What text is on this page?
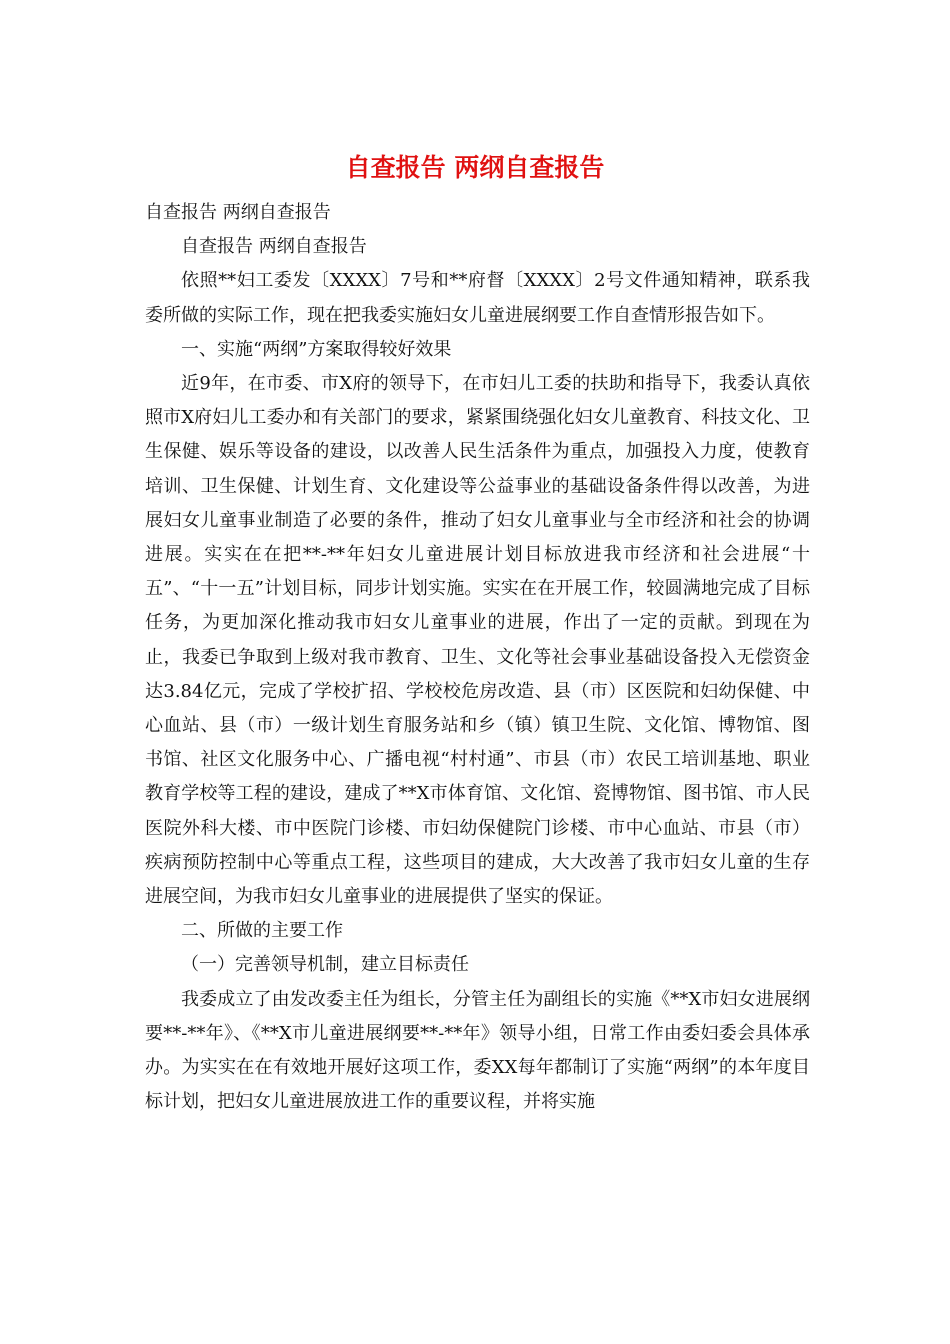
自查报告 两纲自查报告

自查报告 两纲自查报告

自查报告 两纲自查报告

依照**妇工委发〔XXXX〕7号和**府督〔XXXX〕2号文件通知精神，联系我委所做的实际工作，现在把我委实施妇女儿童进展纲要工作自查情形报告如下。

一、实施“两纲”方案取得较好效果

近9年，在市委、市X府的领导下，在市妇儿工委的扶助和指导下，我委认真依照市X府妇儿工委办和有关部门的要求，紧紧围绕强化妇女儿童教育、科技文化、卫生保健、娱乐等设备的建设，以改善人民生活条件为重点，加强投入力度，使教育培训、卫生保健、计划生育、文化建设等公益事业的基础设备条件得以改善，为进展妇女儿童事业制造了必要的条件，推动了妇女儿童事业与全市经济和社会的协调进展。实实在在把**-**年妇女儿童进展计划目标放进我市经济和社会进展“十五”、“十一五”计划目标，同步计划实施。实实在在开展工作，较圆满地完成了目标任务，为更加深化推动我市妇女儿童事业的进展，作出了一定的贡献。到现在为止，我委已争取到上级对我市教育、卫生、文化等社会事业基础设备投入无偿资金达3.84亿元，完成了学校扩招、学校校危房改造、县（市）区医院和妇幼保健、中心血站、县（市）一级计划生育服务站和乡（镇）镇卫生院、文化馆、博物馆、图书馆、社区文化服务中心、广播电视“村村通”、市县（市）农民工培训基地、职业教育学校等工程的建设，建成了**X市体育馆、文化馆、瓷博物馆、图书馆、市人民医院外科大楼、市中医院门诊楼、市妇幼保健院门诊楼、市中心血站、市县（市）疾病预防控制中心等重点工程，这些项目的建成，大大改善了我市妇女儿童的生存进展空间，为我市妇女儿童事业的进展提供了坚实的保证。

二、所做的主要工作

（一）完善领导机制，建立目标责任

我委成立了由发改委主任为组长，分管主任为副组长的实施《**X市妇女进展纲要**-**年》、《**X市儿童进展纲要**-**年》领导小组，日常工作由委妇委会具体承办。为实实在在有效地开展好这项工作，委XX每年都制订了实施“两纲”的本年度目标计划，把妇女儿童进展放进工作的重要议程，并将实施
